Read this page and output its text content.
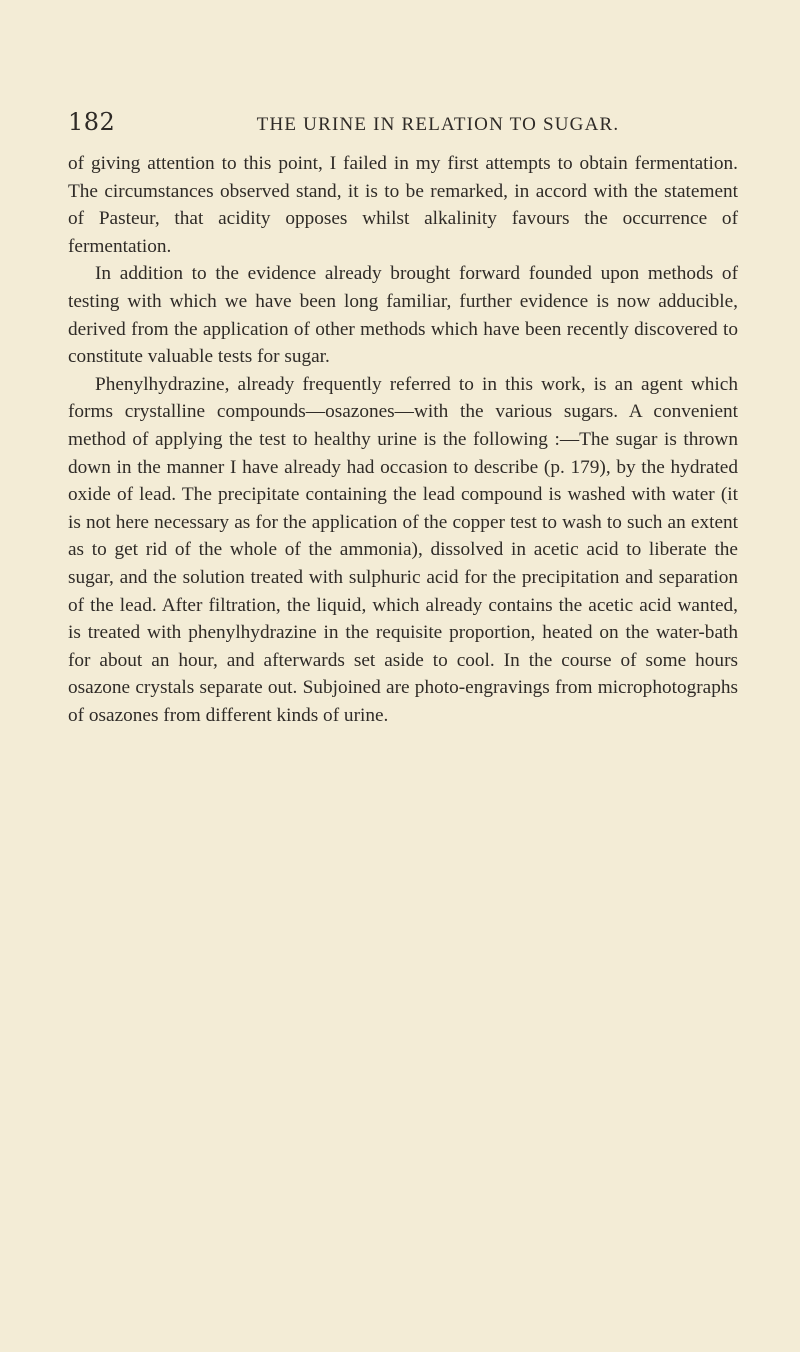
182	THE URINE IN RELATION TO SUGAR.

of giving attention to this point, I failed in my first attempts to obtain fermentation. The circumstances observed stand, it is to be remarked, in accord with the statement of Pasteur, that acidity opposes whilst alkalinity favours the occurrence of fermentation.

In addition to the evidence already brought forward founded upon methods of testing with which we have been long familiar, further evidence is now adducible, derived from the application of other methods which have been recently discovered to constitute valuable tests for sugar.

Phenylhydrazine, already frequently referred to in this work, is an agent which forms crystalline compounds—osazones—with the various sugars. A convenient method of applying the test to healthy urine is the following :—The sugar is thrown down in the manner I have already had occasion to describe (p. 179), by the hydrated oxide of lead. The precipitate containing the lead compound is washed with water (it is not here necessary as for the application of the copper test to wash to such an extent as to get rid of the whole of the ammonia), dissolved in acetic acid to liberate the sugar, and the solution treated with sulphuric acid for the precipitation and separation of the lead. After filtration, the liquid, which already contains the acetic acid wanted, is treated with phenylhydrazine in the requisite proportion, heated on the water-bath for about an hour, and afterwards set aside to cool. In the course of some hours osazone crystals separate out. Subjoined are photo-engravings from microphotographs of osazones from different kinds of urine.
